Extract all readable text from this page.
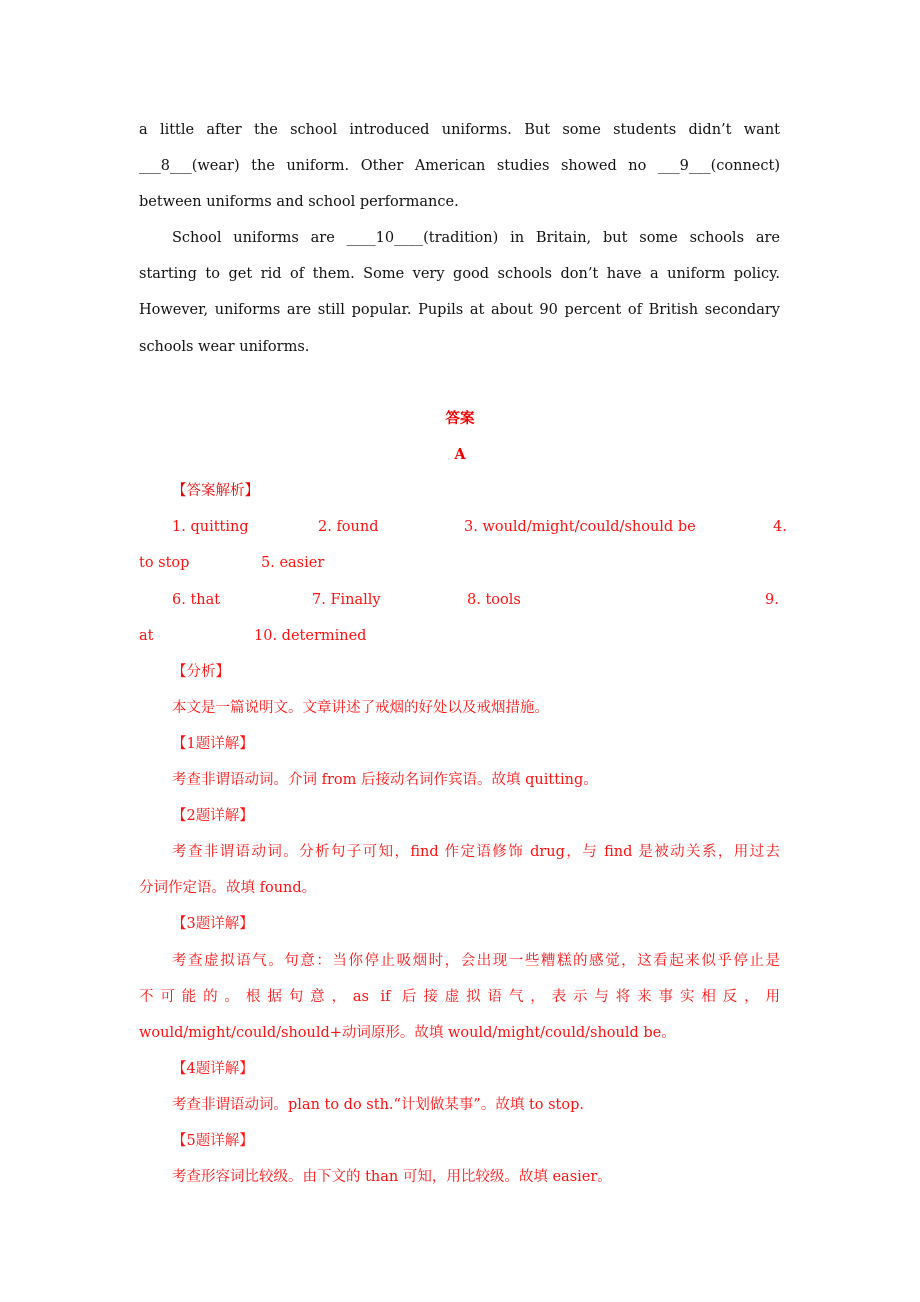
a little after the school introduced uniforms. But some students didn’t want
___8___(wear) the uniform. Other American studies showed no ___9___(connect)
between uniforms and school performance.
School uniforms are ____10____(tradition) in Britain, but some schools are
starting to get rid of them. Some very good schools don’t have a uniform policy.
However, uniforms are still popular. Pupils at about 90 percent of British secondary
schools wear uniforms.
答案
A
【答案解析】
1. quitting	2. found	3. would/might/could/should be	4.
to stop	5. easier
6. that	7. Finally	8. tools	9.
at	10. determined
【分析】
本文是一篇说明文。文章讲述了戒烟的好处以及戒烟措施。
【1题详解】
考查非谓语动词。介词 from 后接动名词作宾语。故填 quitting。
【2题详解】
考查非谓语动词。分析句子可知，find 作定语修饰 drug，与 find 是被动关系，用过去
分词作定语。故填 found。
【3题详解】
考查虚拟语气。句意：当你停止吸烟时，会出现一些糟糕的感觉，这看起来似乎停止是
不可能的。根据句意，as if 后接虚拟语气，表示与将来事实相反，用
would/might/could/should+动词原形。故填 would/might/could/should be。
【4题详解】
考查非谓语动词。plan to do sth.“计划做某事”。故填 to stop.
【5题详解】
考查形容词比较级。由下文的 than 可知，用比较级。故填 easier。
